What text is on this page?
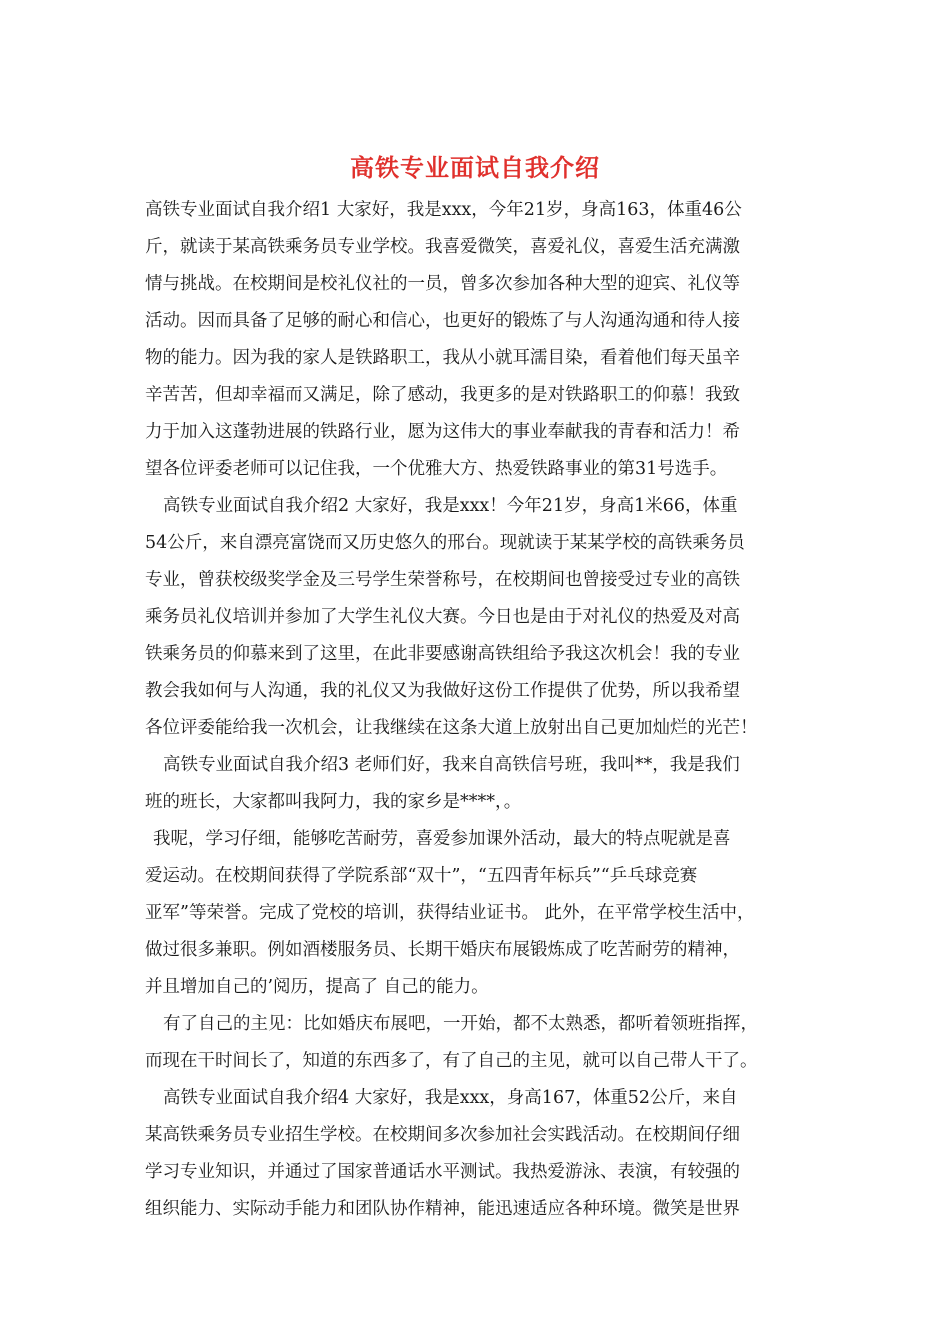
高铁专业面试自我介绍
高铁专业面试自我介绍1 大家好，我是xxx，今年21岁，身高163，体重46公
斤，就读于某高铁乘务员专业学校。我喜爱微笑，喜爱礼仪，喜爱生活充满激
情与挑战。在校期间是校礼仪社的一员，曾多次参加各种大型的迎宾、礼仪等
活动。因而具备了足够的耐心和信心，也更好的锻炼了与人沟通沟通和待人接
物的能力。因为我的家人是铁路职工，我从小就耳濡目染，看着他们每天虽辛
辛苦苦，但却幸福而又满足，除了感动，我更多的是对铁路职工的仰慕！我致
力于加入这蓬勃进展的铁路行业，愿为这伟大的事业奉献我的青春和活力！希
望各位评委老师可以记住我，一个优雅大方、热爱铁路事业的第31号选手。
高铁专业面试自我介绍2 大家好，我是xxx！今年21岁，身高1米66，体重
54公斤，来自漂亮富饶而又历史悠久的邢台。现就读于某某学校的高铁乘务员
专业，曾获校级奖学金及三号学生荣誉称号，在校期间也曾接受过专业的高铁
乘务员礼仪培训并参加了大学生礼仪大赛。今日也是由于对礼仪的热爱及对高
铁乘务员的仰慕来到了这里，在此非要感谢高铁组给予我这次机会！我的专业
教会我如何与人沟通，我的礼仪又为我做好这份工作提供了优势，所以我希望
各位评委能给我一次机会，让我继续在这条大道上放射出自己更加灿烂的光芒！
高铁专业面试自我介绍3 老师们好，我来自高铁信号班，我叫**，我是我们
班的班长，大家都叫我阿力，我的家乡是****，。
我呢，学习仔细，能够吃苦耐劳，喜爱参加课外活动，最大的特点呢就是喜
爱运动。在校期间获得了学院系部“双十”，“五四青年标兵”“乒乓球竞赛
亚军”等荣誉。完成了党校的培训，获得结业证书。 此外，在平常学校生活中，
做过很多兼职。例如酒楼服务员、长期干婚庆布展锻炼成了吃苦耐劳的精神，
并且增加自己的’阅历，提高了 自己的能力。
有了自己的主见：比如婚庆布展吧，一开始，都不太熟悉，都听着领班指挥，
而现在干时间长了，知道的东西多了，有了自己的主见，就可以自己带人干了。
高铁专业面试自我介绍4 大家好，我是xxx，身高167，体重52公斤，来自
某高铁乘务员专业招生学校。在校期间多次参加社会实践活动。在校期间仔细
学习专业知识，并通过了国家普通话水平测试。我热爱游泳、表演，有较强的
组织能力、实际动手能力和团队协作精神，能迅速适应各种环境。微笑是世界
